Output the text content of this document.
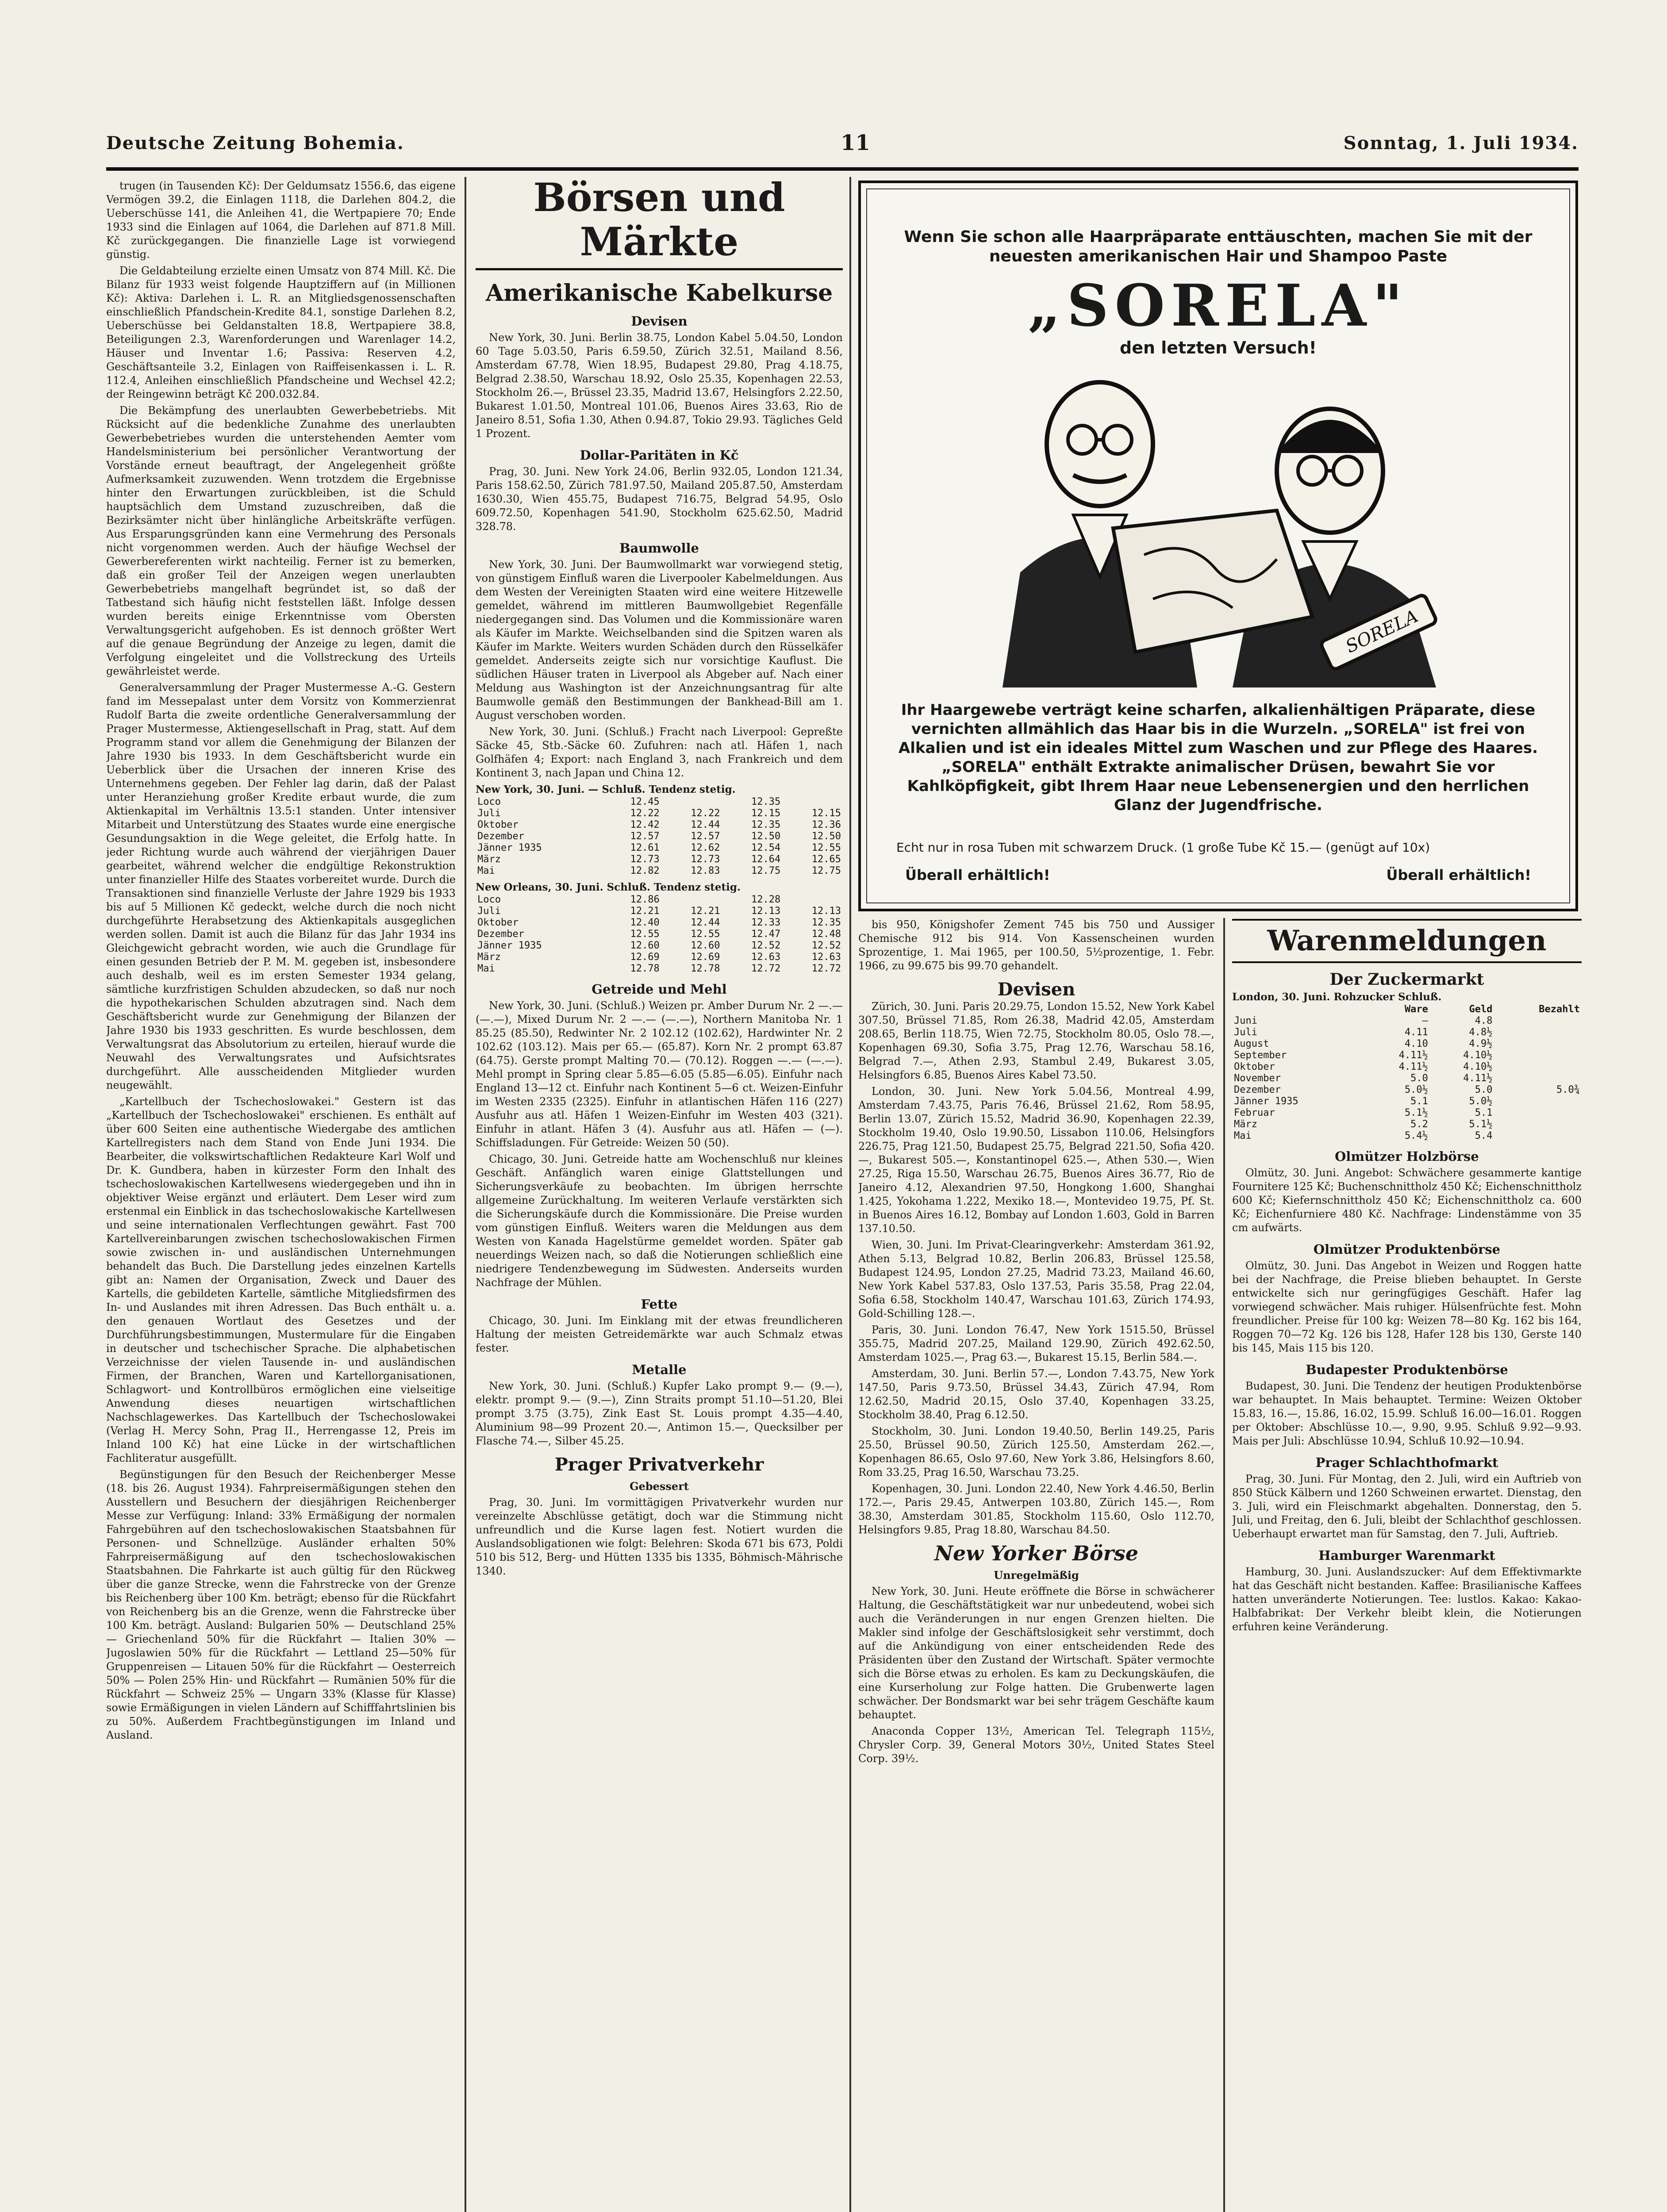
Deutsche Zeitung Bohemia.	11	Sonntag, 1. Juli 1934.

trugen (in Tausenden Kč): Der Geldumsatz 1556.6, das eigene Vermögen 39.2, die Einlagen 1118, die Darlehen 804.2, die Ueberschüsse 141, die Anleihen 41, die Wertpapiere 70; Ende 1933 sind die Einlagen auf 1064, die Darlehen auf 871.8 Mill. Kč zurückgegangen. Die finanzielle Lage ist vorwiegend günstig.

Die Geldabteilung erzielte einen Umsatz von 874 Mill. Kč. Die Bilanz für 1933 weist folgende Hauptziffern auf (in Millionen Kč): Aktiva: Darlehen i. L. R. an Mitgliedsgenossenschaften einschließlich Pfandschein-Kredite 84.1, sonstige Darlehen 8.2, Ueberschüsse bei Geldanstalten 18.8, Wertpapiere 38.8, Beteiligungen 2.3, Warenforderungen und Warenlager 14.2, Häuser und Inventar 1.6; Passiva: Reserven 4.2, Geschäftsanteile 3.2, Einlagen von Raiffeisenkassen i. L. R. 112.4, Anleihen einschließlich Pfandscheine und Wechsel 42.2; der Reingewinn beträgt Kč 200.032.84.

Die Bekämpfung des unerlaubten Gewerbebetriebs. Mit Rücksicht auf die bedenkliche Zunahme des unerlaubten Gewerbebetriebes wurden die unterstehenden Aemter vom Handelsministerium bei persönlicher Verantwortung der Vorstände erneut beauftragt, der Angelegenheit größte Aufmerksamkeit zuzuwenden. Wenn trotzdem die Ergebnisse hinter den Erwartungen zurückbleiben, ist die Schuld hauptsächlich dem Umstand zuzuschreiben, daß die Bezirksämter nicht über hinlängliche Arbeitskräfte verfügen. Aus Ersparungsgründen kann eine Vermehrung des Personals nicht vorgenommen werden. Auch der häufige Wechsel der Gewerbereferenten wirkt nachteilig. Ferner ist zu bemerken, daß ein großer Teil der Anzeigen wegen unerlaubten Gewerbebetriebs mangelhaft begründet ist, so daß der Tatbestand sich häufig nicht feststellen läßt. Infolge dessen wurden bereits einige Erkenntnisse vom Obersten Verwaltungsgericht aufgehoben. Es ist dennoch größter Wert auf die genaue Begründung der Anzeige zu legen, damit die Verfolgung eingeleitet und die Vollstreckung des Urteils gewährleistet werde.

Generalversammlung der Prager Mustermesse A.-G. Gestern fand im Messepalast unter dem Vorsitz von Kommerzienrat Rudolf Barta die zweite ordentliche Generalversammlung der Prager Mustermesse, Aktiengesellschaft in Prag, statt. Auf dem Programm stand vor allem die Genehmigung der Bilanzen der Jahre 1930 bis 1933. In dem Geschäftsbericht wurde ein Ueberblick über die Ursachen der inneren Krise des Unternehmens gegeben. Der Fehler lag darin, daß der Palast unter Heranziehung großer Kredite erbaut wurde, die zum Aktienkapital im Verhältnis 13.5:1 standen. Unter intensiver Mitarbeit und Unterstützung des Staates wurde eine energische Gesundungsaktion in die Wege geleitet, die Erfolg hatte. In jeder Richtung wurde auch während der vierjährigen Dauer gearbeitet, während welcher die endgültige Rekonstruktion unter finanzieller Hilfe des Staates vorbereitet wurde. Durch die Transaktionen sind finanzielle Verluste der Jahre 1929 bis 1933 bis auf 5 Millionen Kč gedeckt, welche durch die noch nicht durchgeführte Herabsetzung des Aktienkapitals ausgeglichen werden sollen. Damit ist auch die Bilanz für das Jahr 1934 ins Gleichgewicht gebracht worden, wie auch die Grundlage für einen gesunden Betrieb der P. M. M. gegeben ist, insbesondere auch deshalb, weil es im ersten Semester 1934 gelang, sämtliche kurzfristigen Schulden abzudecken, so daß nur noch die hypothekarischen Schulden abzutragen sind. Nach dem Geschäftsbericht wurde zur Genehmigung der Bilanzen der Jahre 1930 bis 1933 geschritten. Es wurde beschlossen, dem Verwaltungsrat das Absolutorium zu erteilen, hierauf wurde die Neuwahl des Verwaltungsrates und Aufsichtsrates durchgeführt. Alle ausscheidenden Mitglieder wurden neugewählt.

„Kartellbuch der Tschechoslowakei." Gestern ist das „Kartellbuch der Tschechoslowakei" erschienen. Es enthält auf über 600 Seiten eine authentische Wiedergabe des amtlichen Kartellregisters nach dem Stand von Ende Juni 1934. Die Bearbeiter, die volkswirtschaftlichen Redakteure Karl Wolf und Dr. K. Gundbera, haben in kürzester Form den Inhalt des tschechoslowakischen Kartellwesens wiedergegeben und ihn in objektiver Weise ergänzt und erläutert. Dem Leser wird zum erstenmal ein Einblick in das tschechoslowakische Kartellwesen und seine internationalen Verflechtungen gewährt. Fast 700 Kartellvereinbarungen zwischen tschechoslowakischen Firmen sowie zwischen in- und ausländischen Unternehmungen behandelt das Buch. Die Darstellung jedes einzelnen Kartells gibt an: Namen der Organisation, Zweck und Dauer des Kartells, die gebildeten Kartelle, sämtliche Mitgliedsfirmen des In- und Auslandes mit ihren Adressen. Das Buch enthält u. a. den genauen Wortlaut des Gesetzes und der Durchführungsbestimmungen, Mustermulare für die Eingaben in deutscher und tschechischer Sprache. Die alphabetischen Verzeichnisse der vielen Tausende in- und ausländischen Firmen, der Branchen, Waren und Kartellorganisationen, Schlagwort- und Kontrollbüros ermöglichen eine vielseitige Anwendung dieses neuartigen wirtschaftlichen Nachschlagewerkes. Das Kartellbuch der Tschechoslowakei (Verlag H. Mercy Sohn, Prag II., Herrengasse 12, Preis im Inland 100 Kč) hat eine Lücke in der wirtschaftlichen Fachliteratur ausgefüllt.

Begünstigungen für den Besuch der Reichenberger Messe (18. bis 26. August 1934). Fahrpreisermäßigungen stehen den Ausstellern und Besuchern der diesjährigen Reichenberger Messe zur Verfügung: Inland: 33% Ermäßigung der normalen Fahrgebühren auf den tschechoslowakischen Staatsbahnen für Personen- und Schnellzüge. Ausländer erhalten 50% Fahrpreisermäßigung auf den tschechoslowakischen Staatsbahnen. Die Fahrkarte ist auch gültig für den Rückweg über die ganze Strecke, wenn die Fahrstrecke von der Grenze bis Reichenberg über 100 Km. beträgt; ebenso für die Rückfahrt von Reichenberg bis an die Grenze, wenn die Fahrstrecke über 100 Km. beträgt. Ausland: Bulgarien 50% — Deutschland 25% — Griechenland 50% für die Rückfahrt — Italien 30% — Jugoslawien 50% für die Rückfahrt — Lettland 25—50% für Gruppenreisen — Litauen 50% für die Rückfahrt — Oesterreich 50% — Polen 25% Hin- und Rückfahrt — Rumänien 50% für die Rückfahrt — Schweiz 25% — Ungarn 33% (Klasse für Klasse) sowie Ermäßigungen in vielen Ländern auf Schifffahrtslinien bis zu 50%. Außerdem Frachtbegünstigungen im Inland und Ausland.

Börsen und Märkte
Amerikanische Kabelkurse
Devisen

New York, 30. Juni. Berlin 38.75, London Kabel 5.04.50, London 60 Tage 5.03.50, Paris 6.59.50, Zürich 32.51, Mailand 8.56, Amsterdam 67.78, Wien 18.95, Budapest 29.80, Prag 4.18.75, Belgrad 2.38.50, Warschau 18.92, Oslo 25.35, Kopenhagen 22.53, Stockholm 26.—, Brüssel 23.35, Madrid 13.67, Helsingfors 2.22.50, Bukarest 1.01.50, Montreal 101.06, Buenos Aires 33.63, Rio de Janeiro 8.51, Sofia 1.30, Athen 0.94.87, Tokio 29.93. Tägliches Geld 1 Prozent.

Dollar-Paritäten in Kč

Prag, 30. Juni. New York 24.06, Berlin 932.05, London 121.34, Paris 158.62.50, Zürich 781.97.50, Mailand 205.87.50, Amsterdam 1630.30, Wien 455.75, Budapest 716.75, Belgrad 54.95, Oslo 609.72.50, Kopenhagen 541.90, Stockholm 625.62.50, Madrid 328.78.

Baumwolle

New York, 30. Juni. Der Baumwollmarkt war vorwiegend stetig, von günstigem Einfluß waren die Liverpooler Kabelmeldungen. Aus dem Westen der Vereinigten Staaten wird eine weitere Hitzewelle gemeldet, während im mittleren Baumwollgebiet Regenfälle niedergegangen sind. Das Volumen und die Kommissionäre waren als Käufer im Markte. Weichselbanden sind die Spitzen waren als Käufer im Markte. Weiters wurden Schäden durch den Rüsselkäfer gemeldet. Anderseits zeigte sich nur vorsichtige Kauflust. Die südlichen Häuser traten in Liverpool als Abgeber auf. Nach einer Meldung aus Washington ist der Anzeichnungsantrag für alte Baumwolle gemäß den Bestimmungen der Bankhead-Bill am 1. August verschoben worden.

New York, 30. Juni. (Schluß.) Fracht nach Liverpool: Gepreßte Säcke 45, Stb.-Säcke 60. Zufuhren: nach atl. Häfen 1, nach Golfhäfen 4; Export: nach England 3, nach Frankreich und dem Kontinent 3, nach Japan und China 12.

New York, 30. Juni. — Schluß. Tendenz stetig.
Loco	12.45		12.35	
Juli	12.22	12.22	12.15	12.15
Oktober	12.42	12.44	12.35	12.36
Dezember	12.57	12.57	12.50	12.50
Jänner 1935	12.61	12.62	12.54	12.55
März	12.73	12.73	12.64	12.65
Mai	12.82	12.83	12.75	12.75
New Orleans, 30. Juni. Schluß. Tendenz stetig.
Loco	12.86		12.28	
Juli	12.21	12.21	12.13	12.13
Oktober	12.40	12.44	12.33	12.35
Dezember	12.55	12.55	12.47	12.48
Jänner 1935	12.60	12.60	12.52	12.52
März	12.69	12.69	12.63	12.63
Mai	12.78	12.78	12.72	12.72
Getreide und Mehl

New York, 30. Juni. (Schluß.) Weizen pr. Amber Durum Nr. 2 —.— (—.—), Mixed Durum Nr. 2 —.— (—.—), Northern Manitoba Nr. 1 85.25 (85.50), Redwinter Nr. 2 102.12 (102.62), Hardwinter Nr. 2 102.62 (103.12). Mais per 65.— (65.87). Korn Nr. 2 prompt 63.87 (64.75). Gerste prompt Malting 70.— (70.12). Roggen —.— (—.—). Mehl prompt in Spring clear 5.85—6.05 (5.85—6.05). Einfuhr nach England 13—12 ct. Einfuhr nach Kontinent 5—6 ct. Weizen-Einfuhr im Westen 2335 (2325). Einfuhr in atlantischen Häfen 116 (227) Ausfuhr aus atl. Häfen 1 Weizen-Einfuhr im Westen 403 (321). Einfuhr in atlant. Häfen 3 (4). Ausfuhr aus atl. Häfen — (—). Schiffsladungen. Für Getreide: Weizen 50 (50).

Chicago, 30. Juni. Getreide hatte am Wochenschluß nur kleines Geschäft. Anfänglich waren einige Glattstellungen und Sicherungsverkäufe zu beobachten. Im übrigen herrschte allgemeine Zurückhaltung. Im weiteren Verlaufe verstärkten sich die Sicherungskäufe durch die Kommissionäre. Die Preise wurden vom günstigen Einfluß. Weiters waren die Meldungen aus dem Westen von Kanada Hagelstürme gemeldet worden. Später gab neuerdings Weizen nach, so daß die Notierungen schließlich eine niedrigere Tendenzbewegung im Südwesten. Anderseits wurden Nachfrage der Mühlen.

Fette

Chicago, 30. Juni. Im Einklang mit der etwas freundlicheren Haltung der meisten Getreidemärkte war auch Schmalz etwas fester.

Metalle

New York, 30. Juni. (Schluß.) Kupfer Lako prompt 9.— (9.—), elektr. prompt 9.— (9.—), Zinn Straits prompt 51.10—51.20, Blei prompt 3.75 (3.75), Zink East St. Louis prompt 4.35—4.40, Aluminium 98—99 Prozent 20.—, Antimon 15.—, Quecksilber per Flasche 74.—, Silber 45.25.

Prager Privatverkehr
Gebessert

Prag, 30. Juni. Im vormittägigen Privatverkehr wurden nur vereinzelte Abschlüsse getätigt, doch war die Stimmung nicht unfreundlich und die Kurse lagen fest. Notiert wurden die Auslandsobligationen wie folgt: Belehren: Skoda 671 bis 673, Poldi 510 bis 512, Berg- und Hütten 1335 bis 1335, Böhmisch-Mährische 1340.

Wenn Sie schon alle Haarpräparate enttäuschten, machen Sie mit der neuesten amerikanischen Hair und Shampoo Paste
„SORELA"
den letzten Versuch!
SORELA
Ihr Haargewebe verträgt keine scharfen, alkalienhältigen Präparate, diese vernichten allmählich das Haar bis in die Wurzeln. „SORELA" ist frei von Alkalien und ist ein ideales Mittel zum Waschen und zur Pflege des Haares. „SORELA" enthält Extrakte animalischer Drüsen, bewahrt Sie vor Kahlköpfigkeit, gibt Ihrem Haar neue Lebensenergien und den herrlichen Glanz der Jugendfrische.
Echt nur in rosa Tuben mit schwarzem Druck. (1 große Tube Kč 15.— (genügt auf 10x)
Überall erhältlich!	Überall erhältlich!

bis 950, Königshofer Zement 745 bis 750 und Aussiger Chemische 912 bis 914. Von Kassenscheinen wurden Sprozentige, 1. Mai 1965, per 100.50, 5½prozentige, 1. Febr. 1966, zu 99.675 bis 99.70 gehandelt.

Devisen

Zürich, 30. Juni. Paris 20.29.75, London 15.52, New York Kabel 307.50, Brüssel 71.85, Rom 26.38, Madrid 42.05, Amsterdam 208.65, Berlin 118.75, Wien 72.75, Stockholm 80.05, Oslo 78.—, Kopenhagen 69.30, Sofia 3.75, Prag 12.76, Warschau 58.16, Belgrad 7.—, Athen 2.93, Stambul 2.49, Bukarest 3.05, Helsingfors 6.85, Buenos Aires Kabel 73.50.

London, 30. Juni. New York 5.04.56, Montreal 4.99, Amsterdam 7.43.75, Paris 76.46, Brüssel 21.62, Rom 58.95, Berlin 13.07, Zürich 15.52, Madrid 36.90, Kopenhagen 22.39, Stockholm 19.40, Oslo 19.90.50, Lissabon 110.06, Helsingfors 226.75, Prag 121.50, Budapest 25.75, Belgrad 221.50, Sofia 420.—, Bukarest 505.—, Konstantinopel 625.—, Athen 530.—, Wien 27.25, Riga 15.50, Warschau 26.75, Buenos Aires 36.77, Rio de Janeiro 4.12, Alexandrien 97.50, Hongkong 1.600, Shanghai 1.425, Yokohama 1.222, Mexiko 18.—, Montevideo 19.75, Pf. St. in Buenos Aires 16.12, Bombay auf London 1.603, Gold in Barren 137.10.50.

Wien, 30. Juni. Im Privat-Clearingverkehr: Amsterdam 361.92, Athen 5.13, Belgrad 10.82, Berlin 206.83, Brüssel 125.58, Budapest 124.95, London 27.25, Madrid 73.23, Mailand 46.60, New York Kabel 537.83, Oslo 137.53, Paris 35.58, Prag 22.04, Sofia 6.58, Stockholm 140.47, Warschau 101.63, Zürich 174.93, Gold-Schilling 128.—.

Paris, 30. Juni. London 76.47, New York 1515.50, Brüssel 355.75, Madrid 207.25, Mailand 129.90, Zürich 492.62.50, Amsterdam 1025.—, Prag 63.—, Bukarest 15.15, Berlin 584.—.

Amsterdam, 30. Juni. Berlin 57.—, London 7.43.75, New York 147.50, Paris 9.73.50, Brüssel 34.43, Zürich 47.94, Rom 12.62.50, Madrid 20.15, Oslo 37.40, Kopenhagen 33.25, Stockholm 38.40, Prag 6.12.50.

Stockholm, 30. Juni. London 19.40.50, Berlin 149.25, Paris 25.50, Brüssel 90.50, Zürich 125.50, Amsterdam 262.—, Kopenhagen 86.65, Oslo 97.60, New York 3.86, Helsingfors 8.60, Rom 33.25, Prag 16.50, Warschau 73.25.

Kopenhagen, 30. Juni. London 22.40, New York 4.46.50, Berlin 172.—, Paris 29.45, Antwerpen 103.80, Zürich 145.—, Rom 38.30, Amsterdam 301.85, Stockholm 115.60, Oslo 112.70, Helsingfors 9.85, Prag 18.80, Warschau 84.50.

New Yorker Börse
Unregelmäßig

New York, 30. Juni. Heute eröffnete die Börse in schwächerer Haltung, die Geschäftstätigkeit war nur unbedeutend, wobei sich auch die Veränderungen in nur engen Grenzen hielten. Die Makler sind infolge der Geschäftslosigkeit sehr verstimmt, doch auf die Ankündigung von einer entscheidenden Rede des Präsidenten über den Zustand der Wirtschaft. Später vermochte sich die Börse etwas zu erholen. Es kam zu Deckungskäufen, die eine Kurserholung zur Folge hatten. Die Grubenwerte lagen schwächer. Der Bondsmarkt war bei sehr trägem Geschäfte kaum behauptet.

Anaconda Copper 13½, American Tel. Telegraph 115½, Chrysler Corp. 39, General Motors 30½, United States Steel Corp. 39½.

Warenmeldungen
Der Zuckermarkt
London, 30. Juni. Rohzucker Schluß.
	Ware	Geld	Bezahlt
Juni	—	4.8	
Juli	4.11	4.8½	
August	4.10	4.9½	
September	4.11½	4.10½	
Oktober	4.11½	4.10½	
November	5.0	4.11½	
Dezember	5.0½	5.0	5.0¾
Jänner 1935	5.1	5.0½	
Februar	5.1½	5.1	
März	5.2	5.1½	
Mai	5.4½	5.4	
Olmützer Holzbörse

Olmütz, 30. Juni. Angebot: Schwächere gesammerte kantige Fournitere 125 Kč; Buchenschnittholz 450 Kč; Eichenschnittholz 600 Kč; Kiefernschnittholz 450 Kč; Eichenschnittholz ca. 600 Kč; Eichenfurniere 480 Kč. Nachfrage: Lindenstämme von 35 cm aufwärts.

Olmützer Produktenbörse

Olmütz, 30. Juni. Das Angebot in Weizen und Roggen hatte bei der Nachfrage, die Preise blieben behauptet. In Gerste entwickelte sich nur geringfügiges Geschäft. Hafer lag vorwiegend schwächer. Mais ruhiger. Hülsenfrüchte fest. Mohn freundlicher. Preise für 100 kg: Weizen 78—80 Kg. 162 bis 164, Roggen 70—72 Kg. 126 bis 128, Hafer 128 bis 130, Gerste 140 bis 145, Mais 115 bis 120.

Budapester Produktenbörse

Budapest, 30. Juni. Die Tendenz der heutigen Produktenbörse war behauptet. In Mais behauptet. Termine: Weizen Oktober 15.83, 16.—, 15.86, 16.02, 15.99. Schluß 16.00—16.01. Roggen per Oktober: Abschlüsse 10.—, 9.90, 9.95. Schluß 9.92—9.93. Mais per Juli: Abschlüsse 10.94, Schluß 10.92—10.94.

Prager Schlachthofmarkt

Prag, 30. Juni. Für Montag, den 2. Juli, wird ein Auftrieb von 850 Stück Kälbern und 1260 Schweinen erwartet. Dienstag, den 3. Juli, wird ein Fleischmarkt abgehalten. Donnerstag, den 5. Juli, und Freitag, den 6. Juli, bleibt der Schlachthof geschlossen. Ueberhaupt erwartet man für Samstag, den 7. Juli, Auftrieb.

Hamburger Warenmarkt

Hamburg, 30. Juni. Auslandszucker: Auf dem Effektivmarkte hat das Geschäft nicht bestanden. Kaffee: Brasilianische Kaffees hatten unveränderte Notierungen. Tee: lustlos. Kakao: Kakao-Halbfabrikat: Der Verkehr bleibt klein, die Notierungen erfuhren keine Veränderung.
